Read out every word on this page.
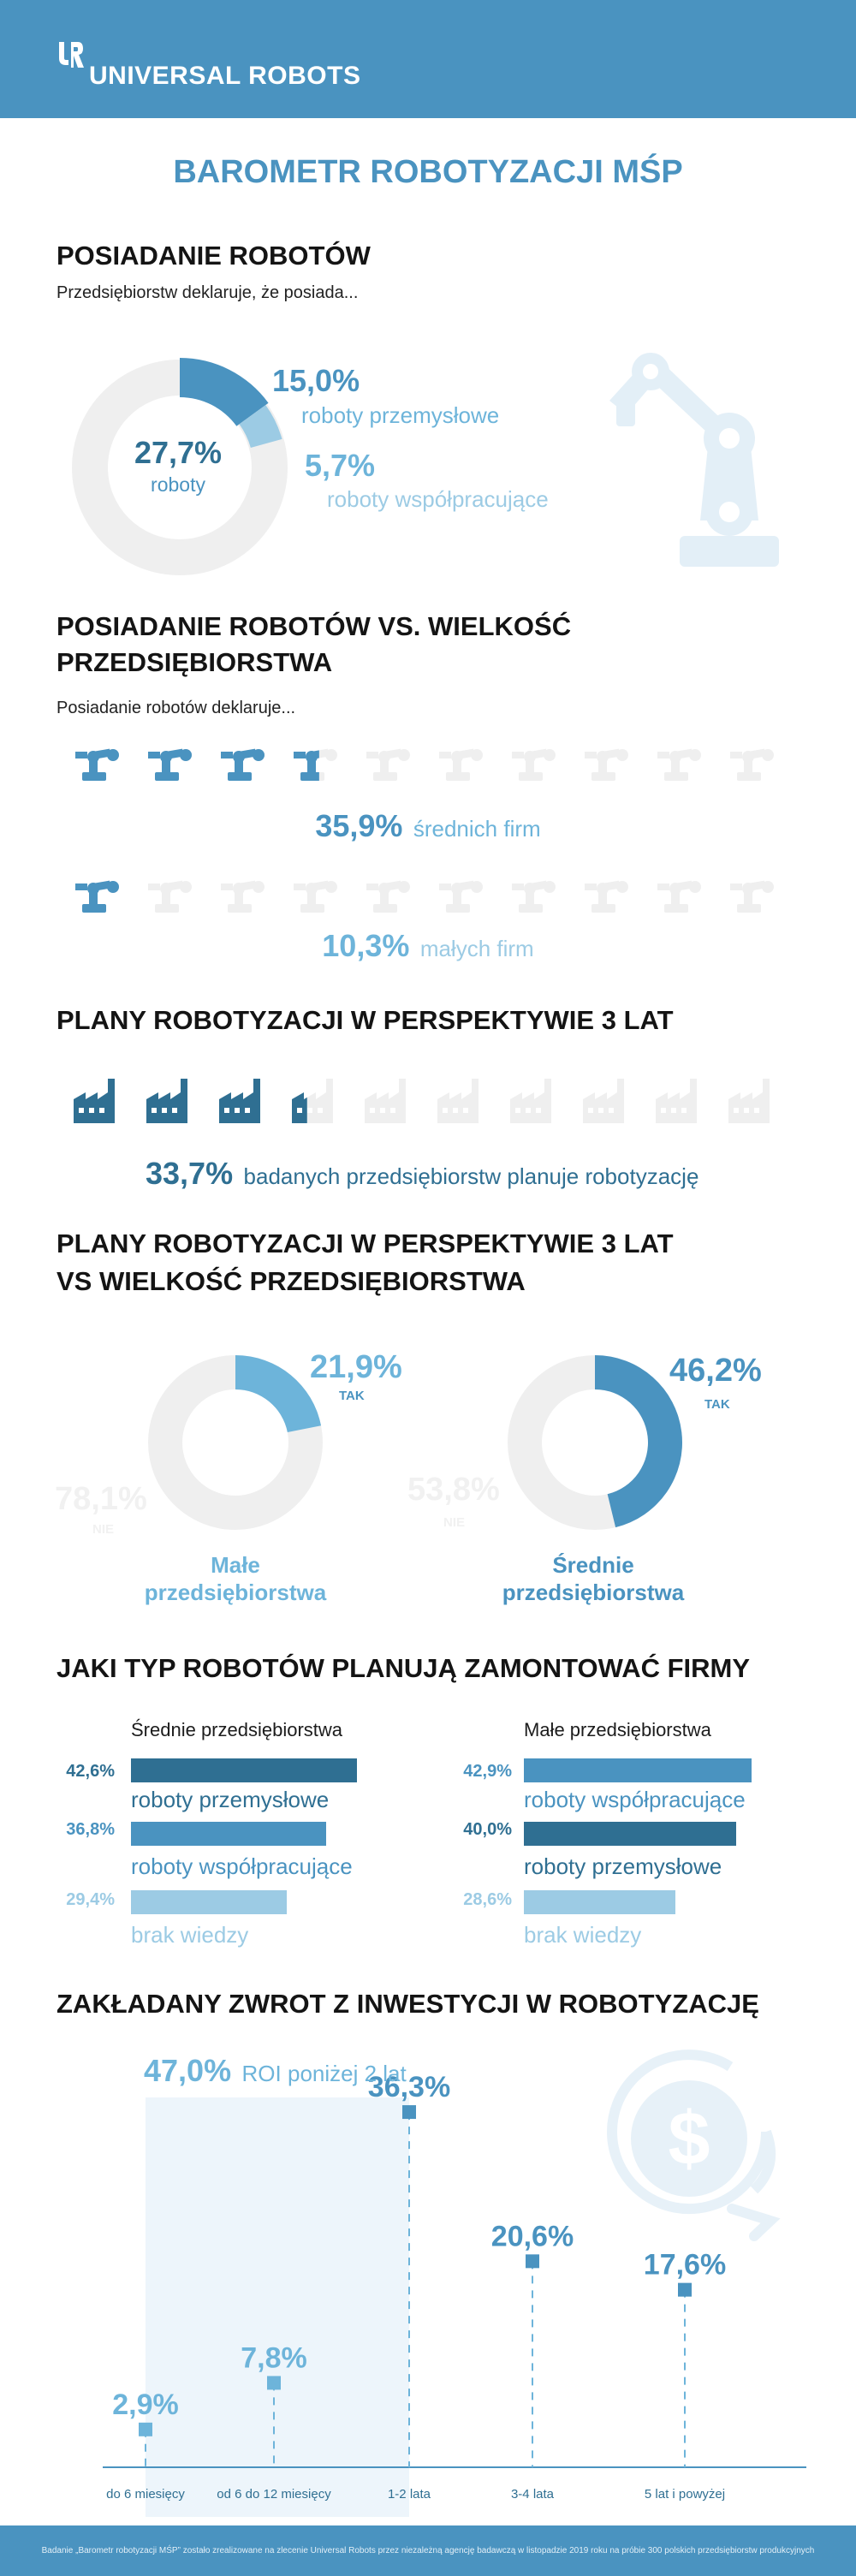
UNIVERSAL ROBOTS
BAROMETR ROBOTYZACJI MŚP
POSIADANIE ROBOTÓW
Przedsiębiorstw deklaruje, że posiada...
27,7%
roboty
15,0%
roboty przemysłowe
5,7%
roboty współpracujące
POSIADANIE ROBOTÓW VS. WIELKOŚĆ
PRZEDSIĘBIORSTWA
Posiadanie robotów deklaruje...
35,9% średnich firm
10,3% małych firm
PLANY ROBOTYZACJI W PERSPEKTYWIE 3 LAT
33,7% badanych przedsiębiorstw planuje robotyzację
PLANY ROBOTYZACJI W PERSPEKTYWIE 3 LAT
VS WIELKOŚĆ PRZEDSIĘBIORSTWA
21,9%
TAK
78,1%
NIE
Małe
przedsiębiorstwa
46,2%
TAK
53,8%
NIE
Średnie
przedsiębiorstwa
JAKI TYP ROBOTÓW PLANUJĄ ZAMONTOWAĆ FIRMY
Średnie przedsiębiorstwa	Małe przedsiębiorstwa
42,6%
roboty przemysłowe
36,8%
roboty współpracujące
29,4%
brak wiedzy
42,9%
roboty współpracujące
40,0%
roboty przemysłowe
28,6%
brak wiedzy
ZAKŁADANY ZWROT Z INWESTYCJI W ROBOTYZACJĘ
$
2,9%
do 6 miesięcy
7,8%
od 6 do 12 miesięcy
36,3%
1-2 lata
20,6%
3-4 lata
17,6%
5 lat i powyżej
47,0% ROI poniżej 2 lat
Badanie „Barometr robotyzacji MŚP” zostało zrealizowane na zlecenie Universal Robots przez niezależną agencję badawczą w listopadzie 2019 roku na próbie 300 polskich przedsiębiorstw produkcyjnych
